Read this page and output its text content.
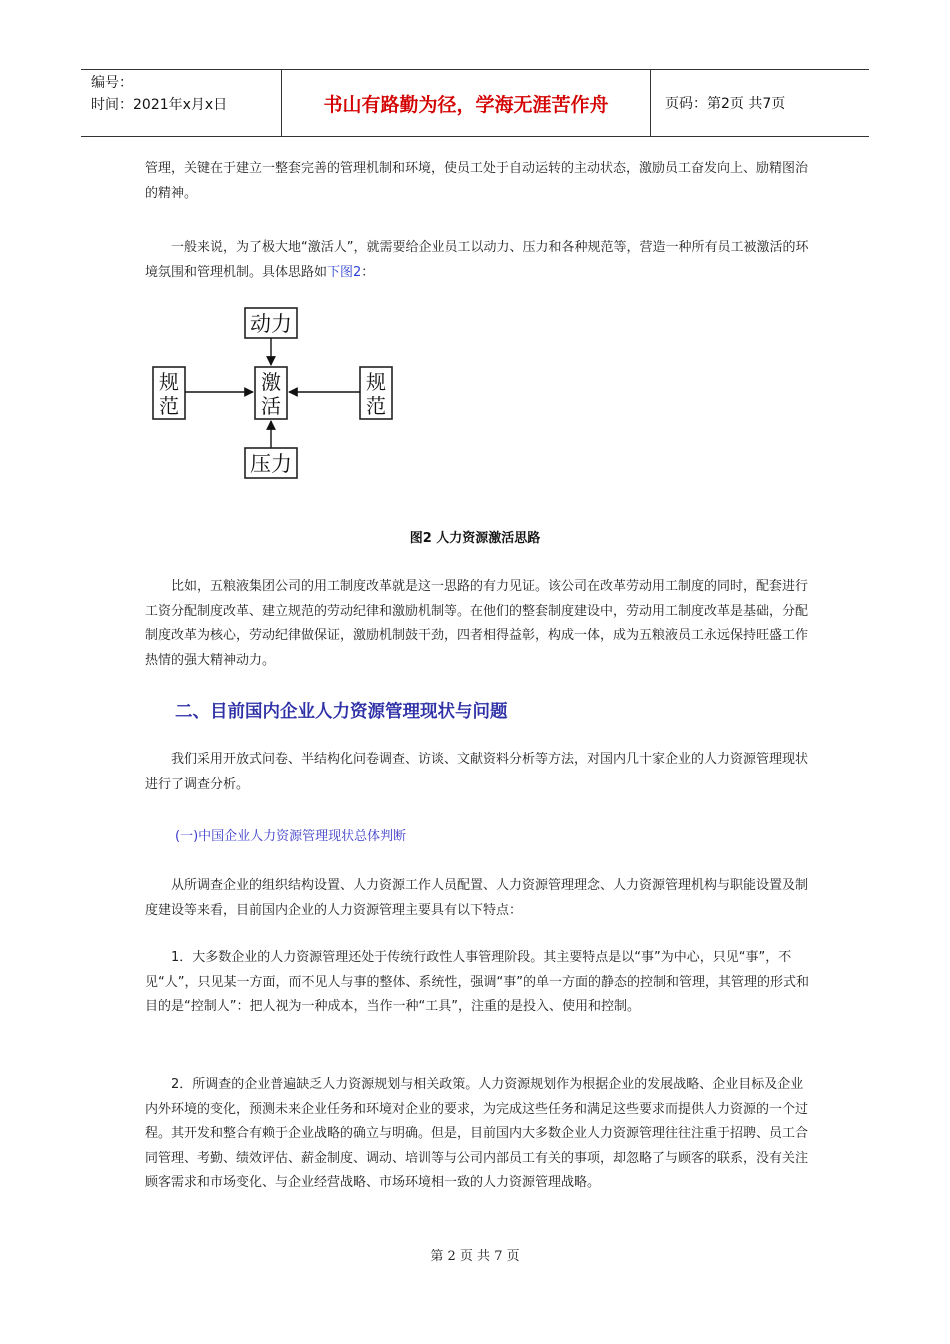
编号：
时间：2021年x月x日	书山有路勤为径，学海无涯苦作舟	页码：第2页 共7页
管理，关键在于建立一整套完善的管理机制和环境，使员工处于自动运转的主动状态，激励员工奋发向上、励精图治的精神。
一般来说，为了极大地“激活人”，就需要给企业员工以动力、压力和各种规范等，营造一种所有员工被激活的环境氛围和管理机制。具体思路如下图2：
动力
激
活
规
范
规
范
压力
图2 人力资源激活思路
比如，五粮液集团公司的用工制度改革就是这一思路的有力见证。该公司在改革劳动用工制度的同时，配套进行工资分配制度改革、建立规范的劳动纪律和激励机制等。在他们的整套制度建设中，劳动用工制度改革是基础，分配制度改革为核心，劳动纪律做保证，激励机制鼓干劲，四者相得益彰，构成一体，成为五粮液员工永远保持旺盛工作热情的强大精神动力。
二、目前国内企业人力资源管理现状与问题
我们采用开放式问卷、半结构化问卷调查、访谈、文献资料分析等方法，对国内几十家企业的人力资源管理现状进行了调查分析。
(一)中国企业人力资源管理现状总体判断
从所调查企业的组织结构设置、人力资源工作人员配置、人力资源管理理念、人力资源管理机构与职能设置及制度建设等来看，目前国内企业的人力资源管理主要具有以下特点：
1．大多数企业的人力资源管理还处于传统行政性人事管理阶段。其主要特点是以“事”为中心，只见“事”，不见“人”，只见某一方面，而不见人与事的整体、系统性，强调“事”的单一方面的静态的控制和管理，其管理的形式和目的是“控制人”：把人视为一种成本，当作一种“工具”，注重的是投入、使用和控制。
2．所调查的企业普遍缺乏人力资源规划与相关政策。人力资源规划作为根据企业的发展战略、企业目标及企业内外环境的变化，预测未来企业任务和环境对企业的要求，为完成这些任务和满足这些要求而提供人力资源的一个过程。其开发和整合有赖于企业战略的确立与明确。但是，目前国内大多数企业人力资源管理往往注重于招聘、员工合同管理、考勤、绩效评估、薪金制度、调动、培训等与公司内部员工有关的事项，却忽略了与顾客的联系，没有关注顾客需求和市场变化、与企业经营战略、市场环境相一致的人力资源管理战略。
第 2 页 共 7 页
